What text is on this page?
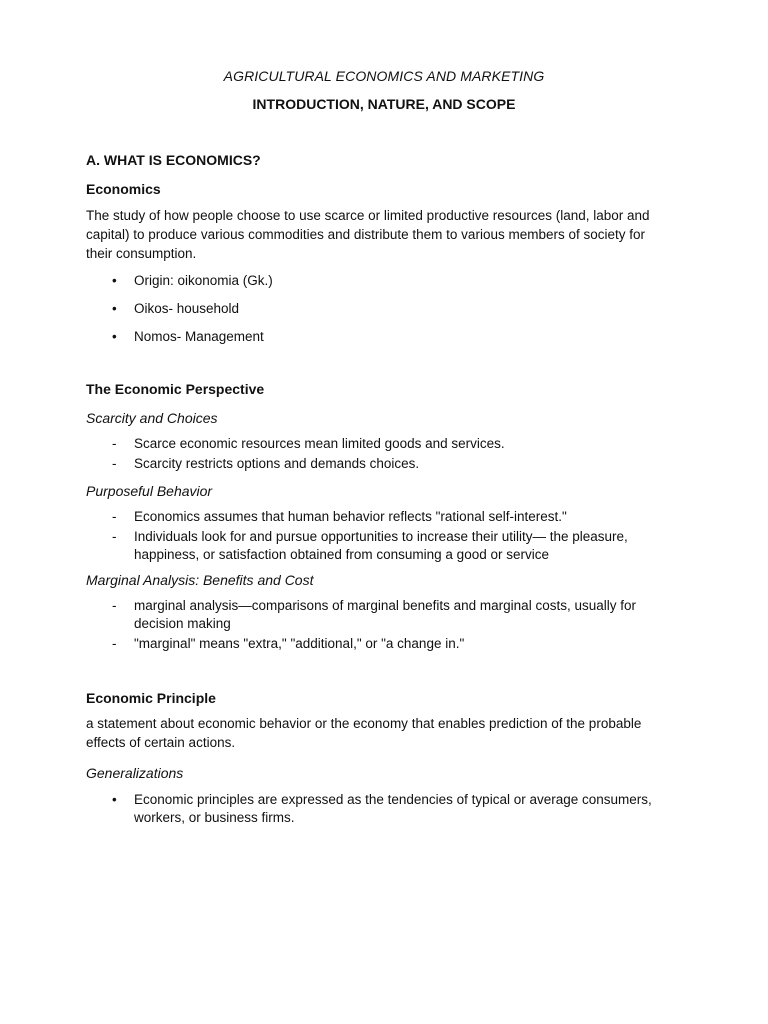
AGRICULTURAL ECONOMICS AND MARKETING
INTRODUCTION, NATURE, AND SCOPE
A. WHAT IS ECONOMICS?
Economics
The study of how people choose to use scarce or limited productive resources (land, labor and capital) to produce various commodities and distribute them to various members of society for their consumption.
• Origin: oikonomia (Gk.)
• Oikos- household
• Nomos- Management
The Economic Perspective
Scarcity and Choices
- Scarce economic resources mean limited goods and services.
- Scarcity restricts options and demands choices.
Purposeful Behavior
- Economics assumes that human behavior reflects "rational self-interest."
- Individuals look for and pursue opportunities to increase their utility— the pleasure, happiness, or satisfaction obtained from consuming a good or service
Marginal Analysis: Benefits and Cost
- marginal analysis—comparisons of marginal benefits and marginal costs, usually for decision making
- "marginal" means "extra," "additional," or "a change in."
Economic Principle
a statement about economic behavior or the economy that enables prediction of the probable effects of certain actions.
Generalizations
• Economic principles are expressed as the tendencies of typical or average consumers, workers, or business firms.
